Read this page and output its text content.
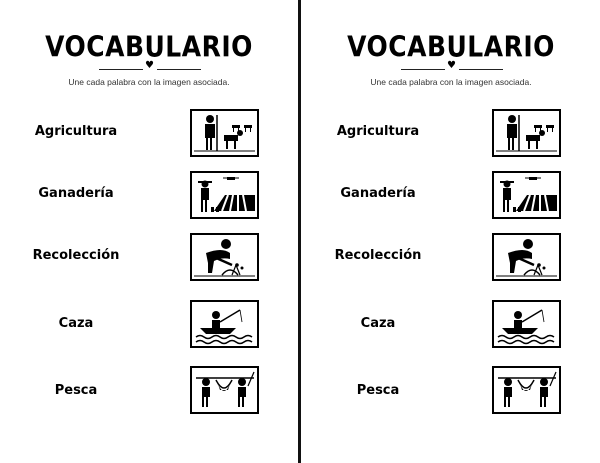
VOCABULARIO
♥
Une cada palabra con la imagen asociada.
Agricultura
Ganadería
Recolección
Caza
Pesca
VOCABULARIO
♥
Une cada palabra con la imagen asociada.
Agricultura
Ganadería
Recolección
Caza
Pesca
